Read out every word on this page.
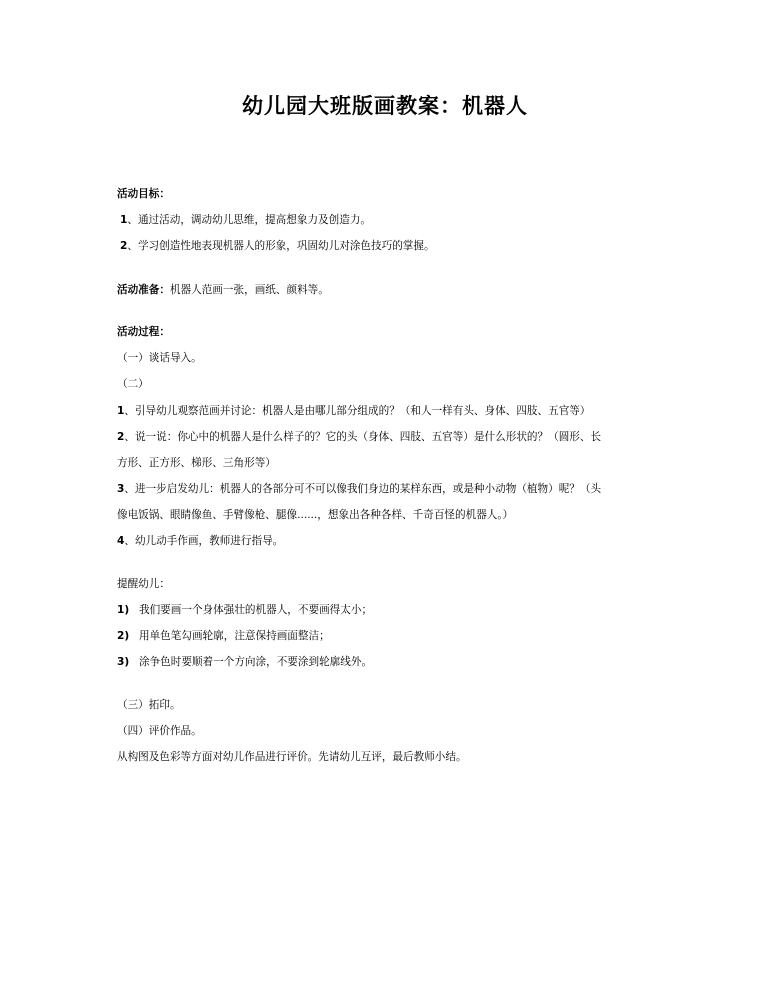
幼儿园大班版画教案：机器人
活动目标：
1、通过活动，调动幼儿思维，提高想象力及创造力。
2、学习创造性地表现机器人的形象，巩固幼儿对涂色技巧的掌握。
活动准备：机器人范画一张，画纸、颜料等。
活动过程：
（一）谈话导入。
（二）
1、引导幼儿观察范画并讨论：机器人是由哪儿部分组成的？（和人一样有头、身体、四肢、五官等）
2、说一说：你心中的机器人是什么样子的？它的头（身体、四肢、五官等）是什么形状的？（圆形、长
方形、正方形、梯形、三角形等）
3、进一步启发幼儿：机器人的各部分可不可以像我们身边的某样东西，或是种小动物（植物）呢？（头
像电饭锅、眼睛像鱼、手臂像枪、腿像......，想象出各种各样、千奇百怪的机器人。）
4、幼儿动手作画，教师进行指导。
提醒幼儿：
1) 我们要画一个身体强壮的机器人，不要画得太小；
2) 用单色笔勾画轮廓，注意保持画面整洁；
3) 涂争色时要顺着一个方向涂，不要涂到轮廓线外。
（三）拓印。
（四）评价作品。
从构图及色彩等方面对幼儿作品进行评价。先请幼儿互评，最后教师小结。
